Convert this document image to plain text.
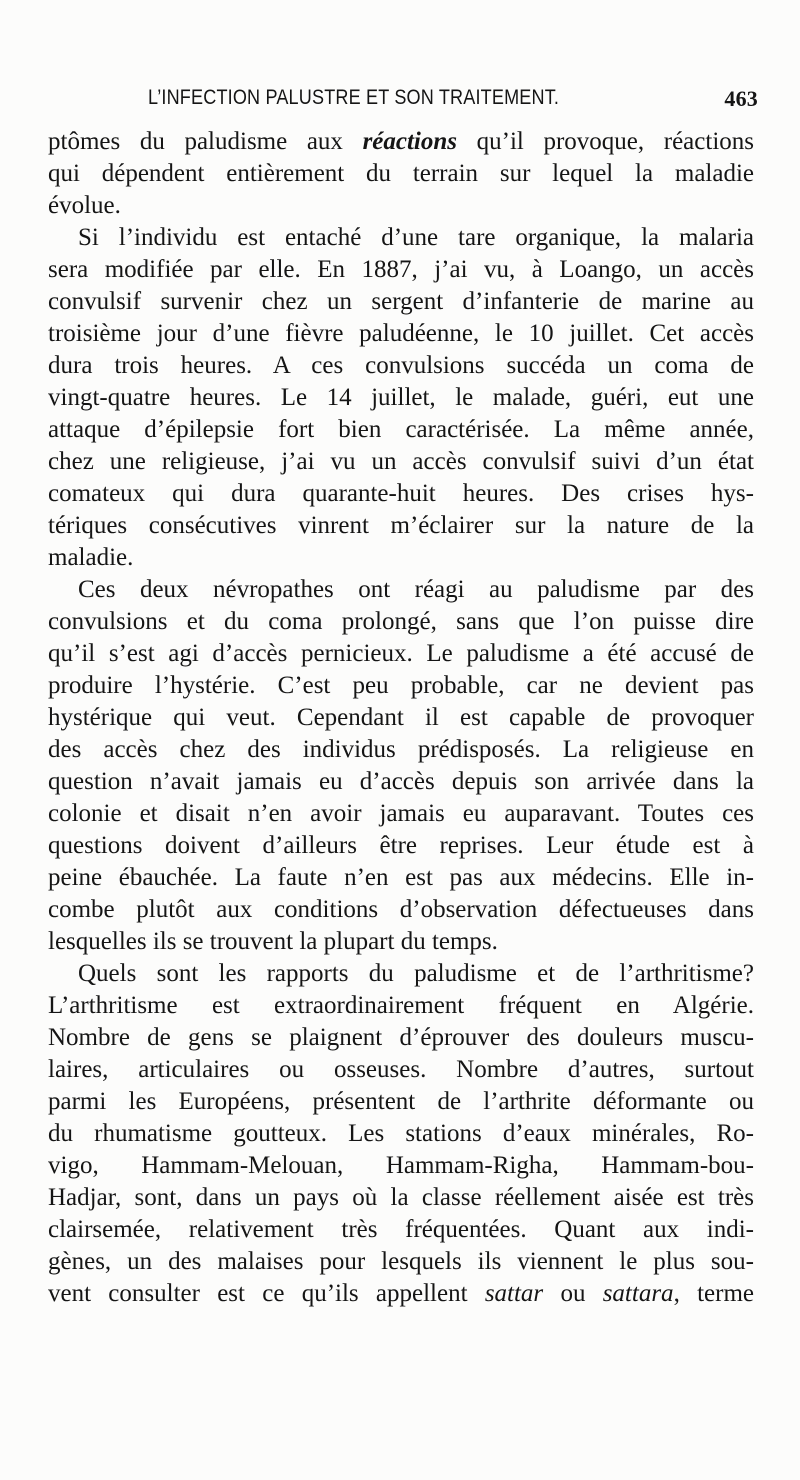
L’INFECTION PALUSTRE ET SON TRAITEMENT.	463
ptômes du paludisme aux réactions qu’il provoque, réactions
qui dépendent entièrement du terrain sur lequel la maladie
évolue.
Si l’individu est entaché d’une tare organique, la malaria
sera modifiée par elle. En 1887, j’ai vu, à Loango, un accès
convulsif survenir chez un sergent d’infanterie de marine au
troisième jour d’une fièvre paludéenne, le 10 juillet. Cet accès
dura trois heures. A ces convulsions succéda un coma de
vingt-quatre heures. Le 14 juillet, le malade, guéri, eut une
attaque d’épilepsie fort bien caractérisée. La même année,
chez une religieuse, j’ai vu un accès convulsif suivi d’un état
comateux qui dura quarante-huit heures. Des crises hys-
tériques consécutives vinrent m’éclairer sur la nature de la
maladie.
Ces deux névropathes ont réagi au paludisme par des
convulsions et du coma prolongé, sans que l’on puisse dire
qu’il s’est agi d’accès pernicieux. Le paludisme a été accusé de
produire l’hystérie. C’est peu probable, car ne devient pas
hystérique qui veut. Cependant il est capable de provoquer
des accès chez des individus prédisposés. La religieuse en
question n’avait jamais eu d’accès depuis son arrivée dans la
colonie et disait n’en avoir jamais eu auparavant. Toutes ces
questions doivent d’ailleurs être reprises. Leur étude est à
peine ébauchée. La faute n’en est pas aux médecins. Elle in-
combe plutôt aux conditions d’observation défectueuses dans
lesquelles ils se trouvent la plupart du temps.
Quels sont les rapports du paludisme et de l’arthritisme?
L’arthritisme est extraordinairement fréquent en Algérie.
Nombre de gens se plaignent d’éprouver des douleurs muscu-
laires, articulaires ou osseuses. Nombre d’autres, surtout
parmi les Européens, présentent de l’arthrite déformante ou
du rhumatisme goutteux. Les stations d’eaux minérales, Ro-
vigo, Hammam-Melouan, Hammam-Righa, Hammam-bou-
Hadjar, sont, dans un pays où la classe réellement aisée est très
clairsemée, relativement très fréquentées. Quant aux indi-
gènes, un des malaises pour lesquels ils viennent le plus sou-
vent consulter est ce qu’ils appellent sattar ou sattara, terme
